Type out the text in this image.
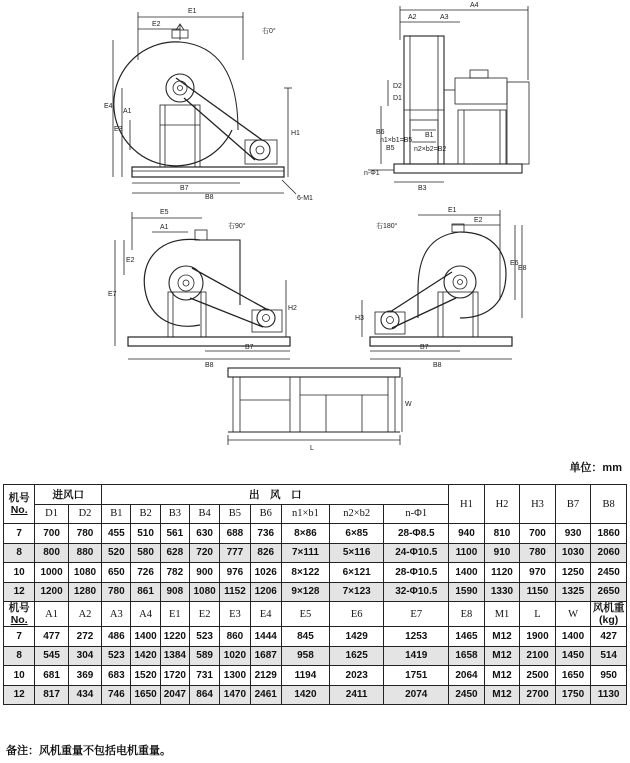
E1
E2
右0°
E4
E3
A1
H1
B7
B8	6-M1
A4
A2	A3
D2
D1
B6
B5
n1×b1=B5
n-Φ1
B1
n2×b2=B2
B3
E5
A1	右90°
E2
E7
H2
B7
B8
右180°
E1
E2
E6
E8
H3
B7
B8
W
L
单位：mm
机号
No.	进风口		出　风　口									H1	H2	H3	B7	B8
	D1	D2	B1	B2	B3	B4	B5	B6	n1×b1	n2×b2	n-Φ1					
7	700	780	455	510	561	630	688	736	8×86	6×85	28-Φ8.5	940	810	700	930	1860
8	800	880	520	580	628	720	777	826	7×111	5×116	24-Φ10.5	1100	910	780	1030	2060
10	1000	1080	650	726	782	900	976	1026	8×122	6×121	28-Φ10.5	1400	1120	970	1250	2450
12	1200	1280	780	861	908	1080	1152	1206	9×128	7×123	32-Φ10.5	1590	1330	1150	1325	2650
机号
No.	A1	A2	A3	A4	E1	E2	E3	E4	E5	E6	E7	E8	M1	L	W	风机重
(kg)
7	477	272	486	1400	1220	523	860	1444	845	1429	1253	1465	M12	1900	1400	427
8	545	304	523	1420	1384	589	1020	1687	958	1625	1419	1658	M12	2100	1450	514
10	681	369	683	1520	1720	731	1300	2129	1194	2023	1751	2064	M12	2500	1650	950
12	817	434	746	1650	2047	864	1470	2461	1420	2411	2074	2450	M12	2700	1750	1130
备注：风机重量不包括电机重量。
